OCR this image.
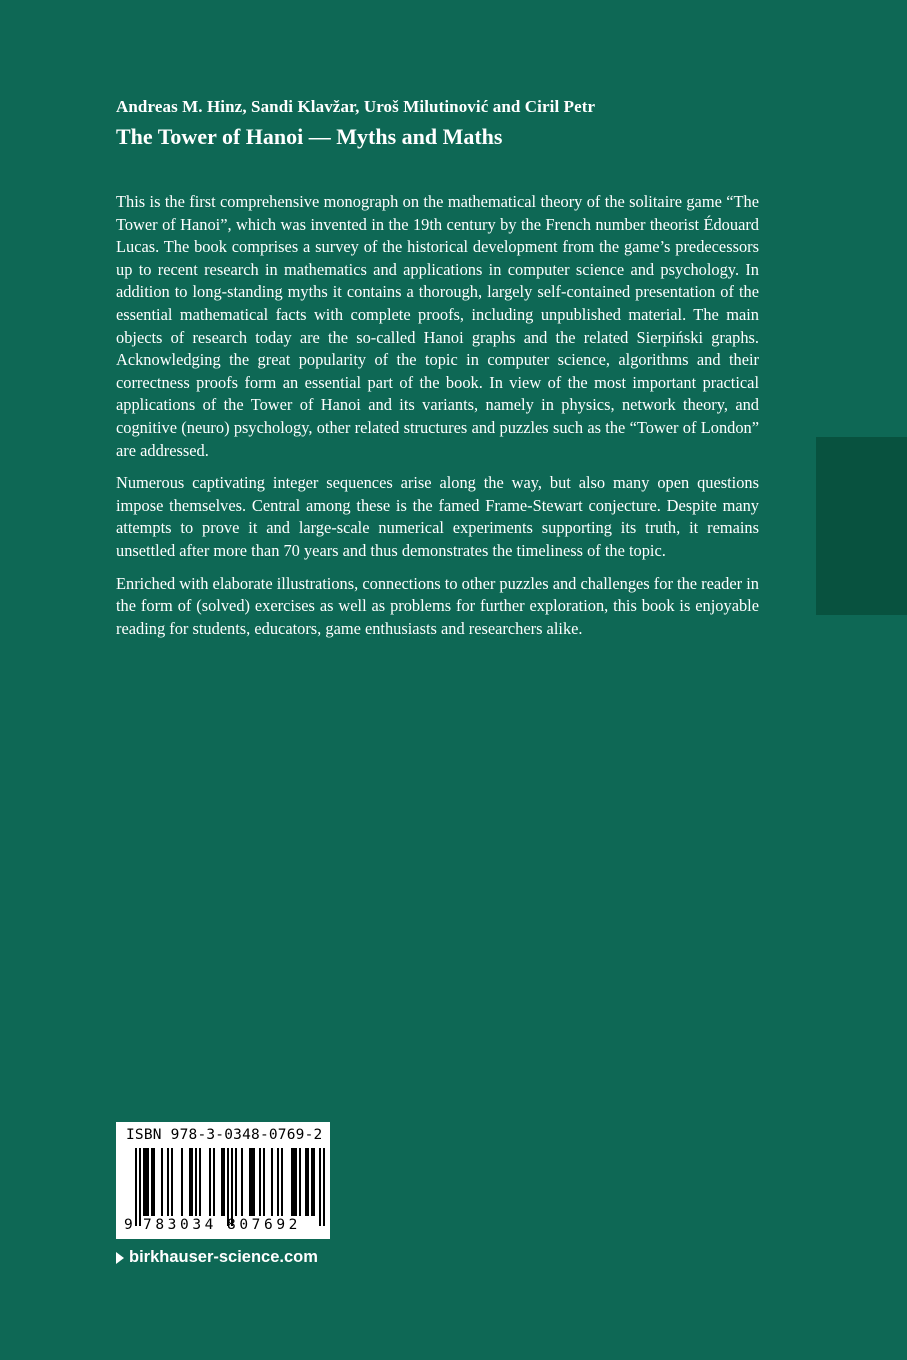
Andreas M. Hinz, Sandi Klavžar, Uroš Milutinović and Ciril Petr
The Tower of Hanoi — Myths and Maths

This is the first comprehensive monograph on the mathematical theory of the solitaire game “The Tower of Hanoi”, which was invented in the 19th century by the French number theorist Édouard Lucas. The book comprises a survey of the historical development from the game’s predecessors up to recent research in mathematics and applications in computer science and psychology. In addition to long-standing myths it contains a thorough, largely self-contained presentation of the essential mathematical facts with complete proofs, including unpublished material. The main objects of research today are the so-called Hanoi graphs and the related Sierpiński graphs. Acknowledging the great popularity of the topic in computer science, algorithms and their correctness proofs form an essential part of the book. In view of the most important practical applications of the Tower of Hanoi and its variants, namely in physics, network theory, and cognitive (neuro) psychology, other related structures and puzzles such as the “Tower of London” are addressed.

Numerous captivating integer sequences arise along the way, but also many open questions impose themselves. Central among these is the famed Frame-Stewart conjecture. Despite many attempts to prove it and large-scale numerical experiments supporting its truth, it remains unsettled after more than 70 years and thus demonstrates the timeliness of the topic.

Enriched with elaborate illustrations, connections to other puzzles and challenges for the reader in the form of (solved) exercises as well as problems for further exploration, this book is enjoyable reading for students, educators, game enthusiasts and researchers alike.

ISBN 978-3-0348-0769-2
9 783034 807692
birkhauser-science.com
